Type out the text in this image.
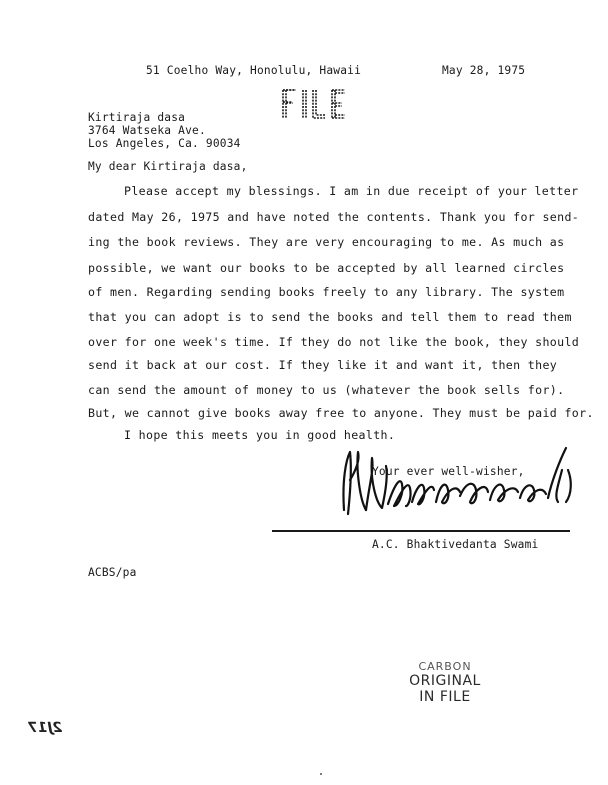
51 Coelho Way, Honolulu, Hawaii	May 28, 1975
FILE
Kirtiraja dasa
3764 Watseka Ave.
Los Angeles, Ca. 90034
My dear Kirtiraja dasa,
Please accept my blessings. I am in due receipt of your letter
dated May 26, 1975 and have noted the contents. Thank you for send-
ing the book reviews. They are very encouraging to me. As much as
possible, we want our books to be accepted by all learned circles
of men. Regarding sending books freely to any library. The system
that you can adopt is to send the books and tell them to read them
over for one week's time. If they do not like the book, they should
send it back at our cost. If they like it and want it, then they
can send the amount of money to us (whatever the book sells for).
But, we cannot give books away free to anyone. They must be paid for.
I hope this meets you in good health.
Your ever well-wisher,
A.C. Bhaktivedanta Swami
ACBS/pa
CARBON
ORIGINAL
IN FILE
2J17
